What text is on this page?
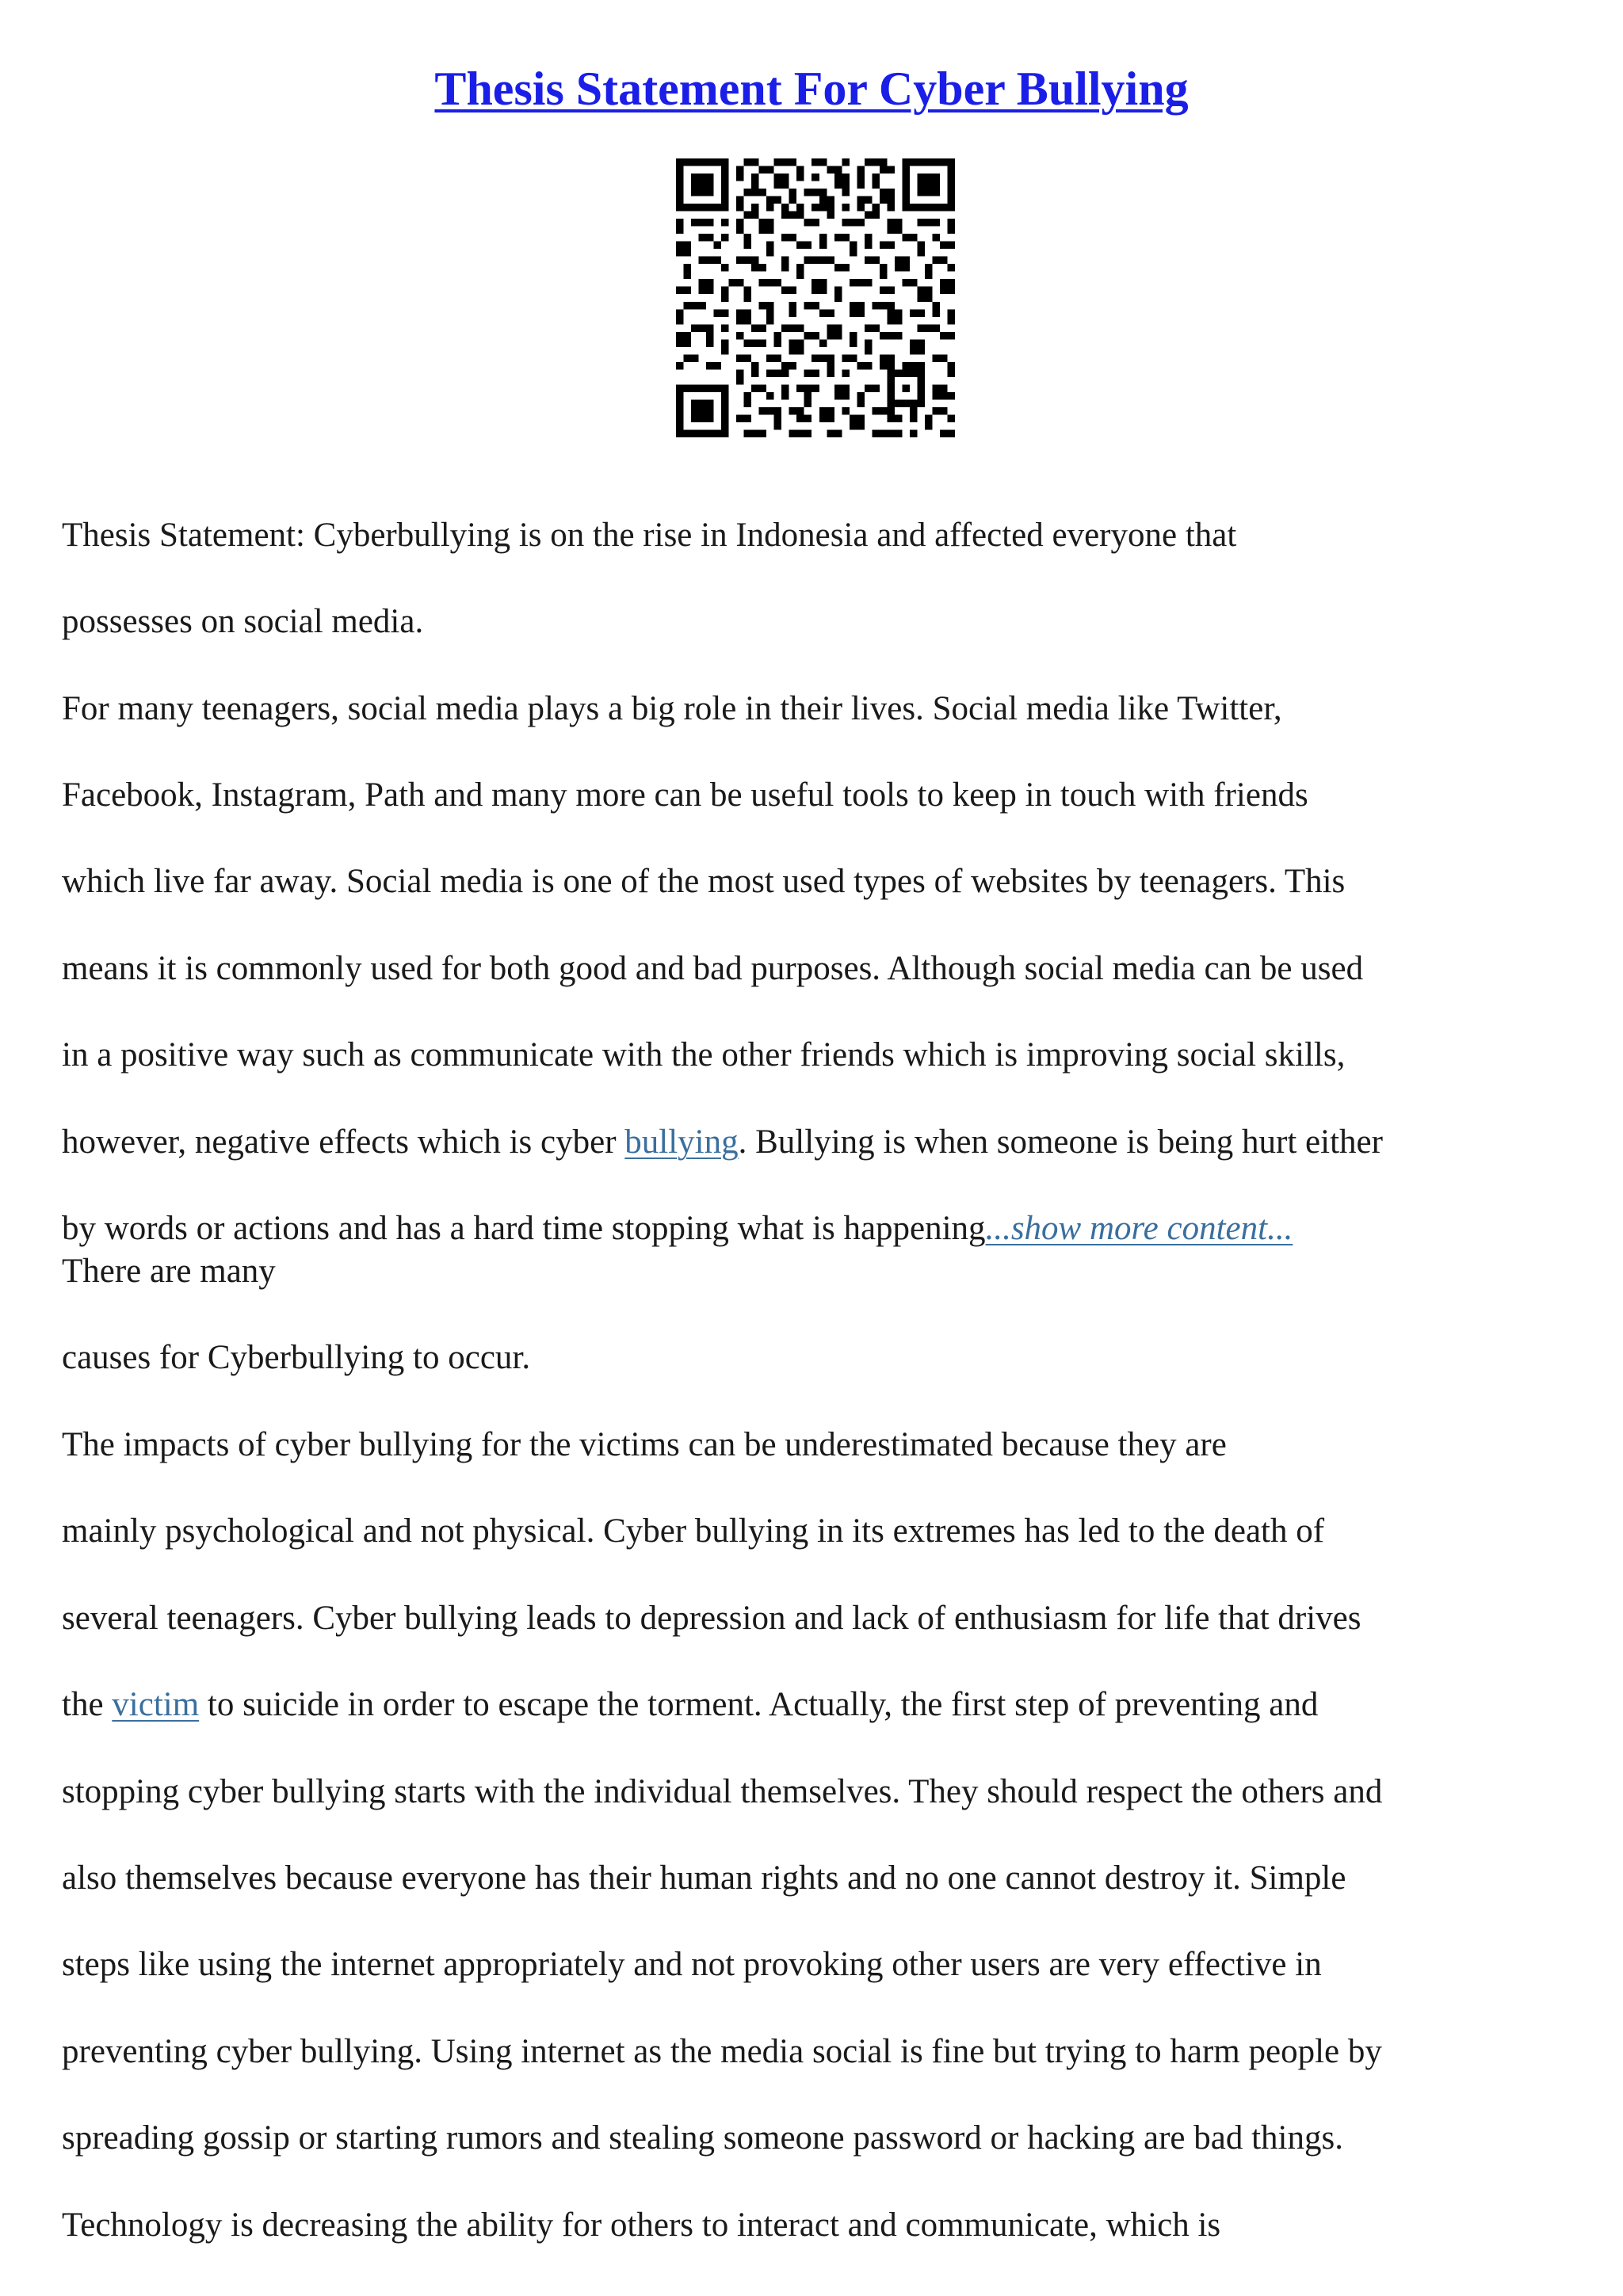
Thesis Statement For Cyber Bullying

Thesis Statement: Cyberbullying is on the rise in Indonesia and affected everyone that

possesses on social media.

For many teenagers, social media plays a big role in their lives. Social media like Twitter,

Facebook, Instagram, Path and many more can be useful tools to keep in touch with friends

which live far away. Social media is one of the most used types of websites by teenagers. This

means it is commonly used for both good and bad purposes. Although social media can be used

in a positive way such as communicate with the other friends which is improving social skills,

however, negative effects which is cyber bullying. Bullying is when someone is being hurt either

by words or actions and has a hard time stopping what is happening...show more content...

There are many

causes for Cyberbullying to occur.

The impacts of cyber bullying for the victims can be underestimated because they are

mainly psychological and not physical. Cyber bullying in its extremes has led to the death of

several teenagers. Cyber bullying leads to depression and lack of enthusiasm for life that drives

the victim to suicide in order to escape the torment. Actually, the first step of preventing and

stopping cyber bullying starts with the individual themselves. They should respect the others and

also themselves because everyone has their human rights and no one cannot destroy it. Simple

steps like using the internet appropriately and not provoking other users are very effective in

preventing cyber bullying. Using internet as the media social is fine but trying to harm people by

spreading gossip or starting rumors and stealing someone password or hacking are bad things.

Technology is decreasing the ability for others to interact and communicate, which is
